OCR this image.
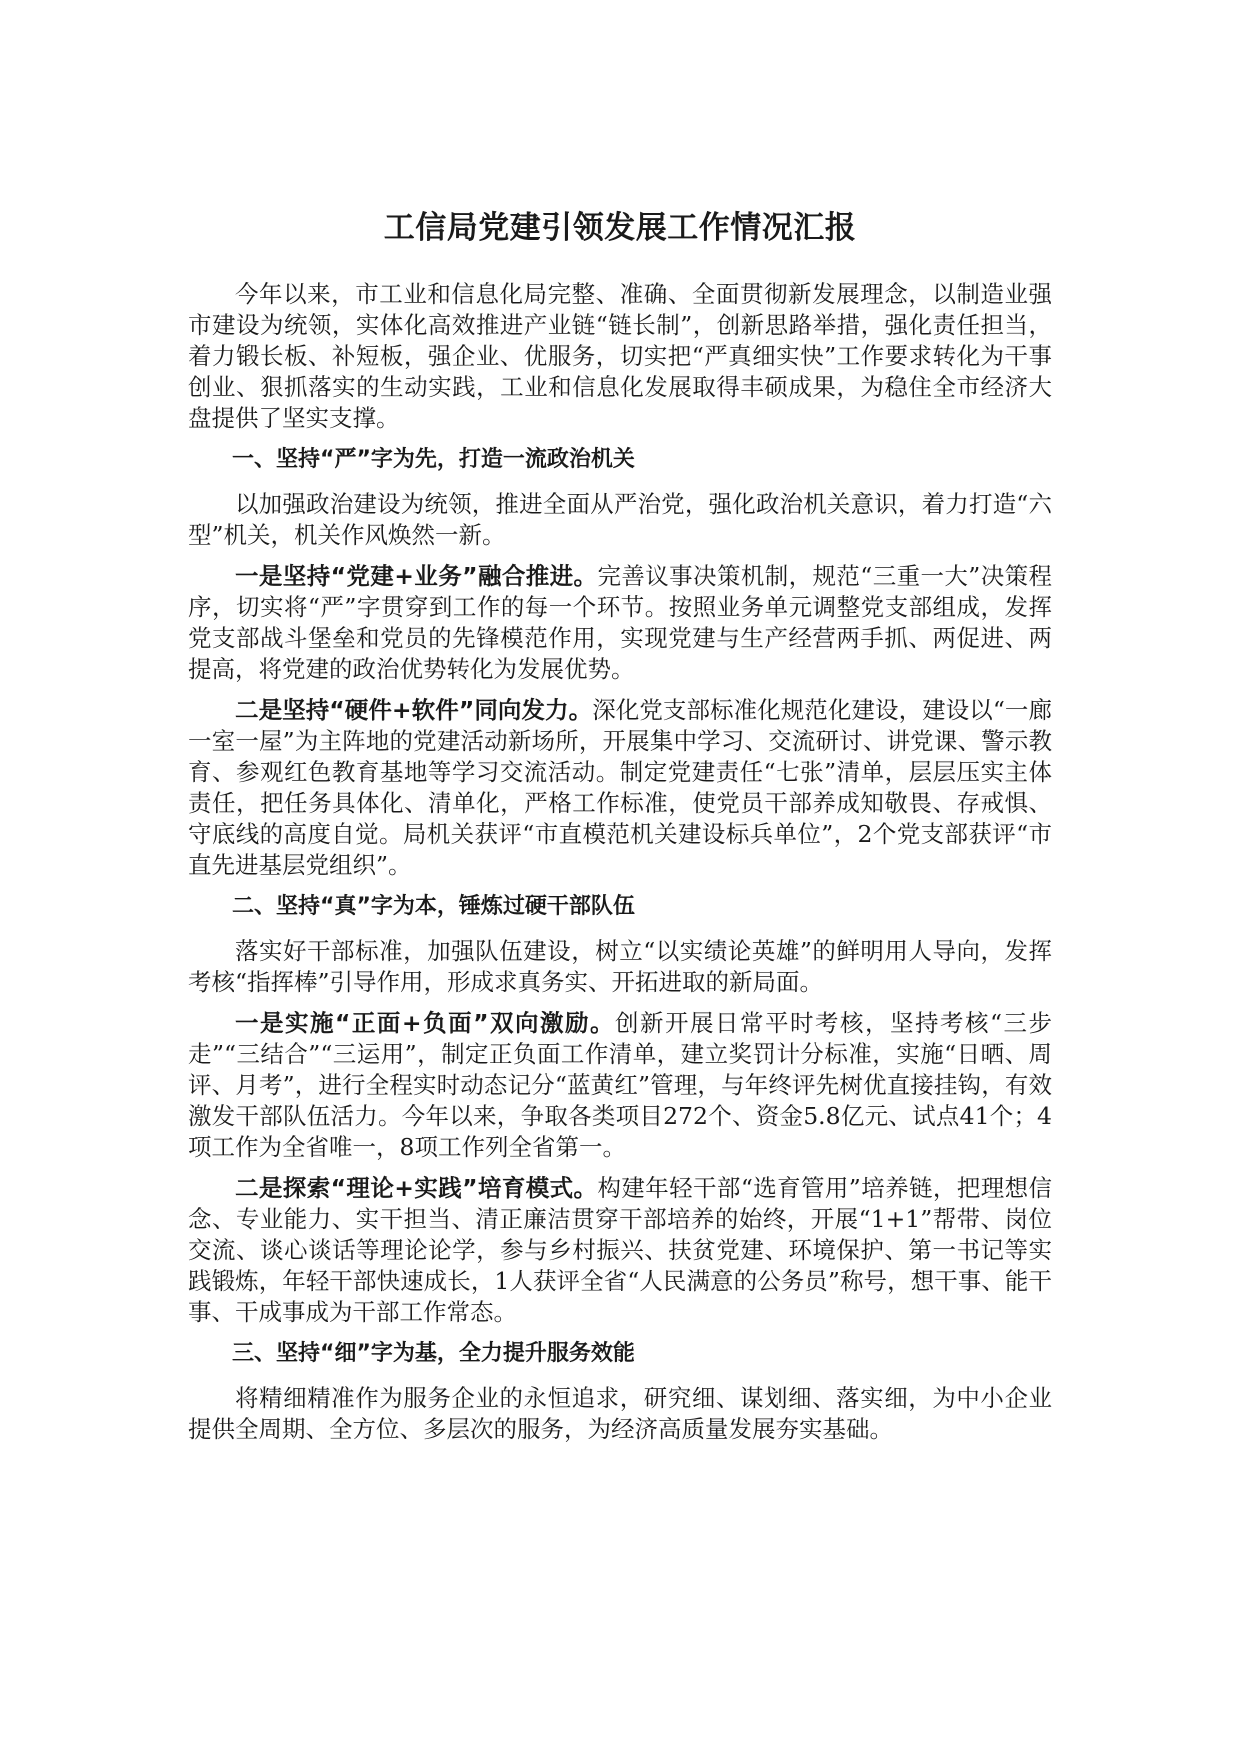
工信局党建引领发展工作情况汇报

今年以来，市工业和信息化局完整、准确、全面贯彻新发展理念，以制造业强市建设为统领，实体化高效推进产业链“链长制”，创新思路举措，强化责任担当，着力锻长板、补短板，强企业、优服务，切实把“严真细实快”工作要求转化为干事创业、狠抓落实的生动实践，工业和信息化发展取得丰硕成果，为稳住全市经济大盘提供了坚实支撑。

一、坚持“严”字为先，打造一流政治机关

以加强政治建设为统领，推进全面从严治党，强化政治机关意识，着力打造“六型”机关，机关作风焕然一新。

一是坚持“党建+业务”融合推进。完善议事决策机制，规范“三重一大”决策程序，切实将“严”字贯穿到工作的每一个环节。按照业务单元调整党支部组成，发挥党支部战斗堡垒和党员的先锋模范作用，实现党建与生产经营两手抓、两促进、两提高，将党建的政治优势转化为发展优势。

二是坚持“硬件+软件”同向发力。深化党支部标准化规范化建设，建设以“一廊一室一屋”为主阵地的党建活动新场所，开展集中学习、交流研讨、讲党课、警示教育、参观红色教育基地等学习交流活动。制定党建责任“七张”清单，层层压实主体责任，把任务具体化、清单化，严格工作标准，使党员干部养成知敬畏、存戒惧、守底线的高度自觉。局机关获评“市直模范机关建设标兵单位”，2个党支部获评“市直先进基层党组织”。

二、坚持“真”字为本，锤炼过硬干部队伍

落实好干部标准，加强队伍建设，树立“以实绩论英雄”的鲜明用人导向，发挥考核“指挥棒”引导作用，形成求真务实、开拓进取的新局面。

一是实施“正面+负面”双向激励。创新开展日常平时考核，坚持考核“三步走”“三结合”“三运用”，制定正负面工作清单，建立奖罚计分标准，实施“日晒、周评、月考”，进行全程实时动态记分“蓝黄红”管理，与年终评先树优直接挂钩，有效激发干部队伍活力。今年以来，争取各类项目272个、资金5.8亿元、试点41个；4项工作为全省唯一，8项工作列全省第一。

二是探索“理论+实践”培育模式。构建年轻干部“选育管用”培养链，把理想信念、专业能力、实干担当、清正廉洁贯穿干部培养的始终，开展“1+1”帮带、岗位交流、谈心谈话等理论论学，参与乡村振兴、扶贫党建、环境保护、第一书记等实践锻炼，年轻干部快速成长，1人获评全省“人民满意的公务员”称号，想干事、能干事、干成事成为干部工作常态。

三、坚持“细”字为基，全力提升服务效能

将精细精准作为服务企业的永恒追求，研究细、谋划细、落实细，为中小企业提供全周期、全方位、多层次的服务，为经济高质量发展夯实基础。
